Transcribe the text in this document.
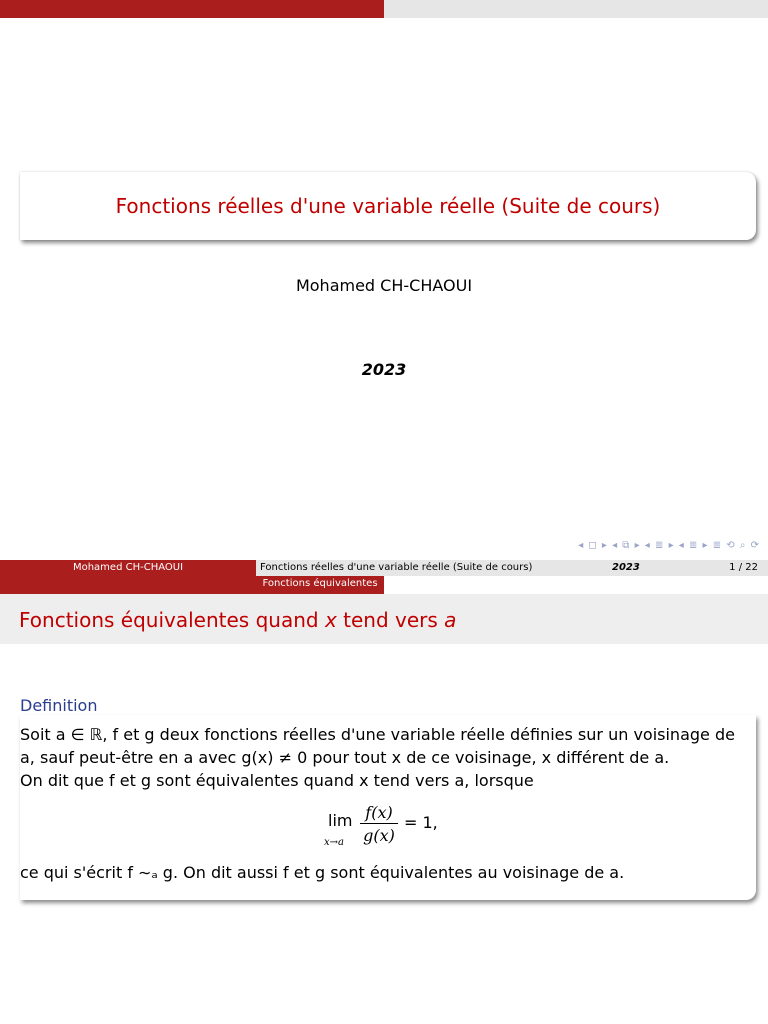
Fonctions réelles d'une variable réelle (Suite de cours)
Mohamed CH-CHAOUI
2023
◂ ◻ ▸ ◂ ⧉ ▸ ◂ ≣ ▸ ◂ ≣ ▸ ≣ ⟲ ⌕ ⟳
Mohamed CH-CHAOUI	Fonctions réelles d'une variable réelle (Suite de cours)	2023	1 / 22
Fonctions équivalentes
Fonctions équivalentes quand x tend vers a
Definition
Soit a ∈ ℝ, f et g deux fonctions réelles d'une variable réelle définies sur un voisinage de
a, sauf peut-être en a avec g(x) ≠ 0 pour tout x de ce voisinage, x différent de a.
On dit que f et g sont équivalentes quand x tend vers a, lorsque
lim
x→a
f(x)
g(x)
= 1,
ce qui s'écrit f ∼ₐ g. On dit aussi f et g sont équivalentes au voisinage de a.
